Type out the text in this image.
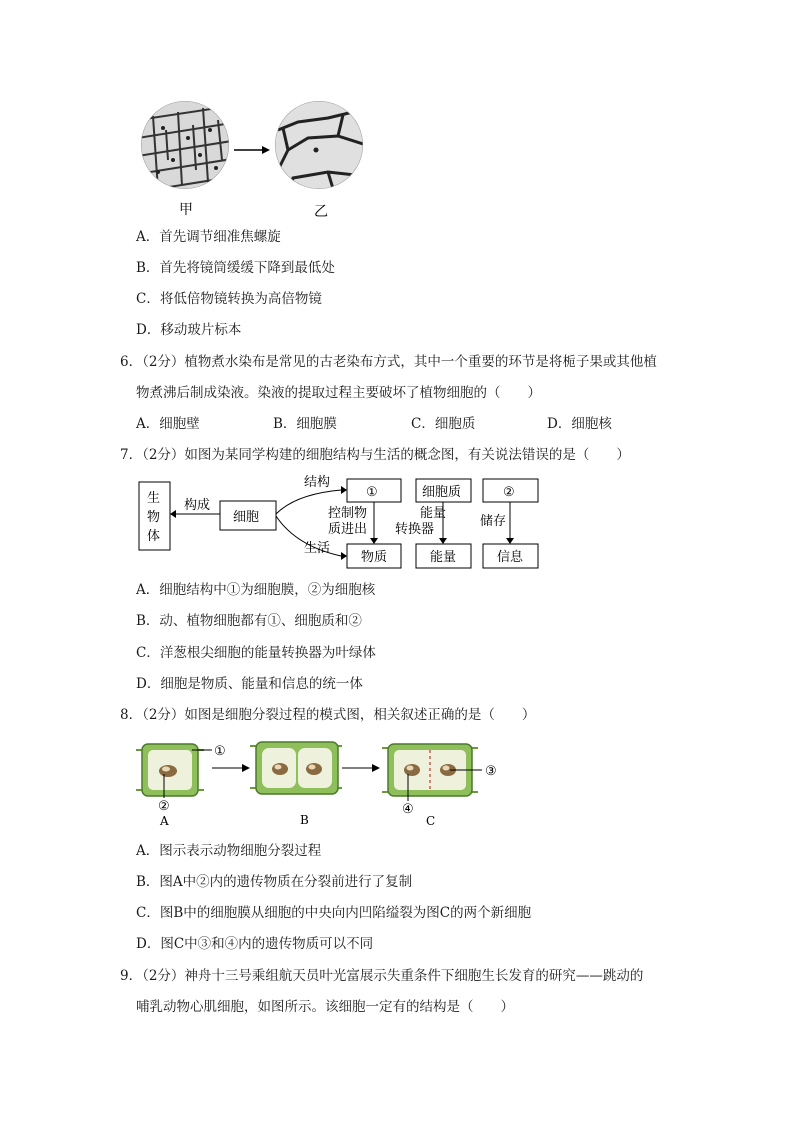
甲	乙
A．首先调节细准焦螺旋
B．首先将镜筒缓缓下降到最低处
C．将低倍物镜转换为高倍物镜
D．移动玻片标本
6．（2分）植物煮水染布是常见的古老染布方式，其中一个重要的环节是将栀子果或其他植
物煮沸后制成染液。染液的提取过程主要破坏了植物细胞的（　　）
A．细胞壁	B．细胞膜	C．细胞质	D．细胞核
7．（2分）如图为某同学构建的细胞结构与生活的概念图，有关说法错误的是（　　）
生
物
体
构成
细胞
结构
生活
①	细胞质	②
控制物
质进出
能量
转换器
储存
物质	能量	信息
A．细胞结构中①为细胞膜，②为细胞核
B．动、植物细胞都有①、细胞质和②
C．洋葱根尖细胞的能量转换器为叶绿体
D．细胞是物质、能量和信息的统一体
8．（2分）如图是细胞分裂过程的模式图，相关叙述正确的是（　　）
①
②
A	B
③
④
C
A．图示表示动物细胞分裂过程
B．图A中②内的遗传物质在分裂前进行了复制
C．图B中的细胞膜从细胞的中央向内凹陷缢裂为图C的两个新细胞
D．图C中③和④内的遗传物质可以不同
9．（2分）神舟十三号乘组航天员叶光富展示失重条件下细胞生长发育的研究——跳动的
哺乳动物心肌细胞，如图所示。该细胞一定有的结构是（　　）
